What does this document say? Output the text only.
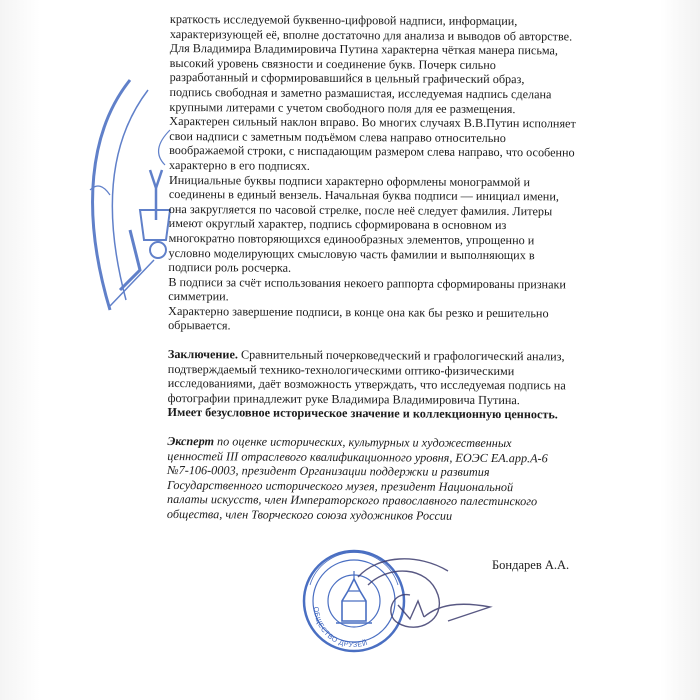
краткость исследуемой буквенно-цифровой надписи, информации,
характеризующей её, вполне достаточно для анализа и выводов об авторстве.
Для Владимира Владимировича Путина характерна чёткая манера письма,
высокий уровень связности и соединение букв. Почерк сильно
разработанный и сформировавшийся в цельный графический образ,
подпись свободная и заметно размашистая, исследуемая надпись сделана
крупными литерами с учетом свободного поля для ее размещения.
Характерен сильный наклон вправо. Во многих случаях В.В.Путин исполняет
свои надписи с заметным подъёмом слева направо относительно
воображаемой строки, с ниспадающим размером слева направо, что особенно
характерно в его подписях.
Инициальные буквы подписи характерно оформлены монограммой и
соединены в единый вензель. Начальная буква подписи — инициал имени,
она закругляется по часовой стрелке, после неё следует фамилия. Литеры
имеют округлый характер, подпись сформирована в основном из
многократно повторяющихся единообразных элементов, упрощенно и
условно моделирующих смысловую часть фамилии и выполняющих в
подписи роль росчерка.
В подписи за счёт использования некоего раппорта сформированы признаки
симметрии.
Характерно завершение подписи, в конце она как бы резко и решительно
обрывается.
Заключение. Сравнительный почерковедческий и графологический анализ,
подтверждаемый технико-технологическими оптико-физическими
исследованиями, даёт возможность утверждать, что исследуемая подпись на
фотографии принадлежит руке Владимира Владимировича Путина.
Имеет безусловное историческое значение и коллекционную ценность.
Эксперт по оценке исторических, культурных и художественных
ценностей III отраслевого квалификационного уровня, ЕОЭС ЕА.арр.А-6
№7-106-0003, президент Организации поддержки и развития
Государственного исторического музея, президент Национальной
палаты искусств, член Императорского православного палестинского
общества, член Творческого союза художников России
Бондарев А.А.
ОБЩЕСТВО ДРУЗЕЙ
